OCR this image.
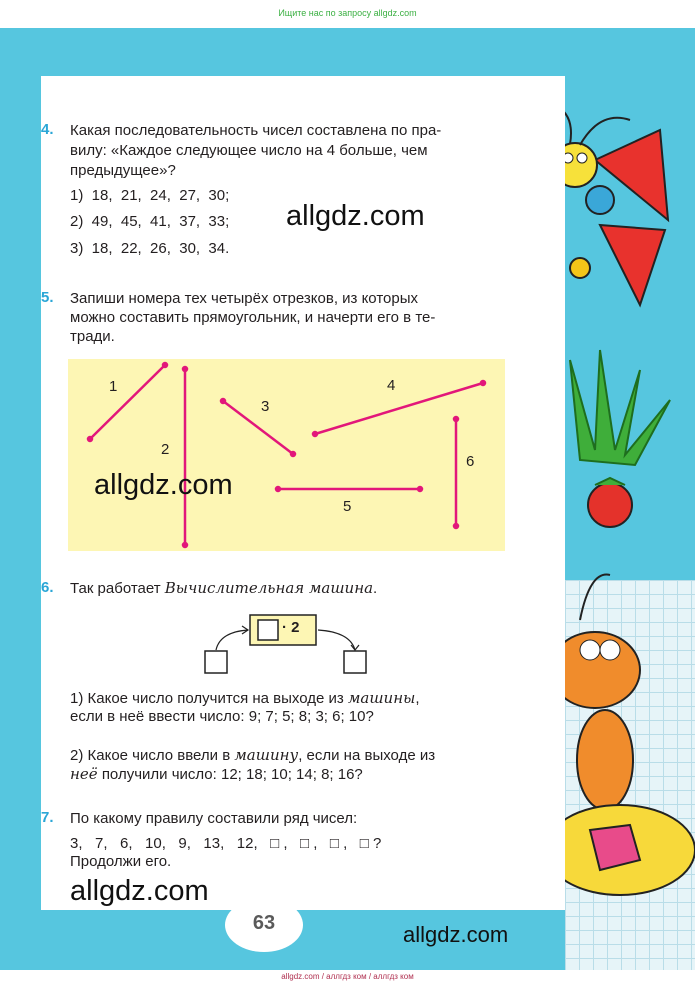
Ищите нас по запросу allgdz.com
63
4.	Какая последовательность чисел составлена по пра-
вилу: «Каждое следующее число на 4 больше, чем
предыдущее»?
1)  18,  21,  24,  27,  30;
2)  49,  45,  41,  37,  33;
3)  18,  22,  26,  30,  34.
allgdz.com
5.	Запиши номера тех четырёх отрезков, из которых
можно составить прямоугольник, и начерти его в те-
тради.
1
2
3
4
5
6
allgdz.com
6.	Так работает Вычислительная машина.
· 2
1) Какое число получится на выходе из машины,
если в неё ввести число: 9; 7; 5; 8; 3; 6; 10?
2) Какое число ввели в машину, если на выходе из
неё получили число: 12; 18; 10; 14; 8; 16?
7.	По какому правилу составили ряд чисел:
3,   7,   6,   10,   9,   13,   12,   □ ,   □ ,   □ ,   □ ?
Продолжи его.
allgdz.com
allgdz.com
allgdz.com / аллгдз ком / аллгдз ком
